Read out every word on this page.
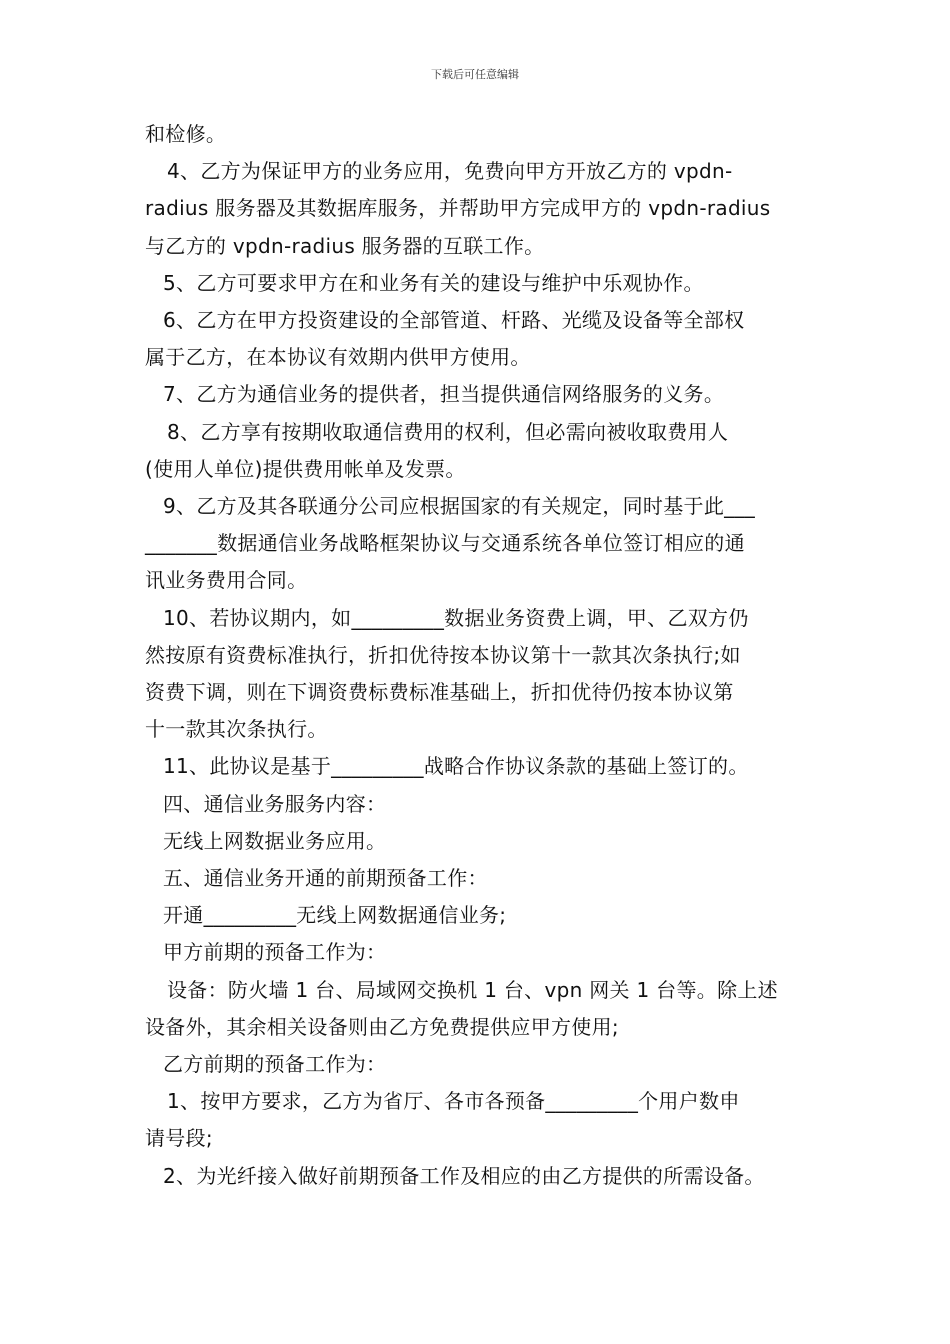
下载后可任意编辑
和检修。
4、乙方为保证甲方的业务应用，免费向甲方开放乙方的 vpdn-
radius 服务器及其数据库服务，并帮助甲方完成甲方的 vpdn-radius
与乙方的 vpdn-radius 服务器的互联工作。
5、乙方可要求甲方在和业务有关的建设与维护中乐观协作。
6、乙方在甲方投资建设的全部管道、杆路、光缆及设备等全部权
属于乙方，在本协议有效期内供甲方使用。
7、乙方为通信业务的提供者，担当提供通信网络服务的义务。
8、乙方享有按期收取通信费用的权利，但必需向被收取费用人
(使用人单位)提供费用帐单及发票。
9、乙方及其各联通分公司应根据国家的有关规定，同时基于此___
_______数据通信业务战略框架协议与交通系统各单位签订相应的通
讯业务费用合同。
10、若协议期内，如_________数据业务资费上调，甲、乙双方仍
然按原有资费标准执行，折扣优待按本协议第十一款其次条执行;如
资费下调，则在下调资费标费标准基础上，折扣优待仍按本协议第
十一款其次条执行。
11、此协议是基于_________战略合作协议条款的基础上签订的。
四、通信业务服务内容：
无线上网数据业务应用。
五、通信业务开通的前期预备工作：
开通_________无线上网数据通信业务;
甲方前期的预备工作为：
设备：防火墙 1 台、局域网交换机 1 台、vpn 网关 1 台等。除上述
设备外，其余相关设备则由乙方免费提供应甲方使用;
乙方前期的预备工作为：
1、按甲方要求，乙方为省厅、各市各预备_________个用户数申
请号段;
2、为光纤接入做好前期预备工作及相应的由乙方提供的所需设备。
